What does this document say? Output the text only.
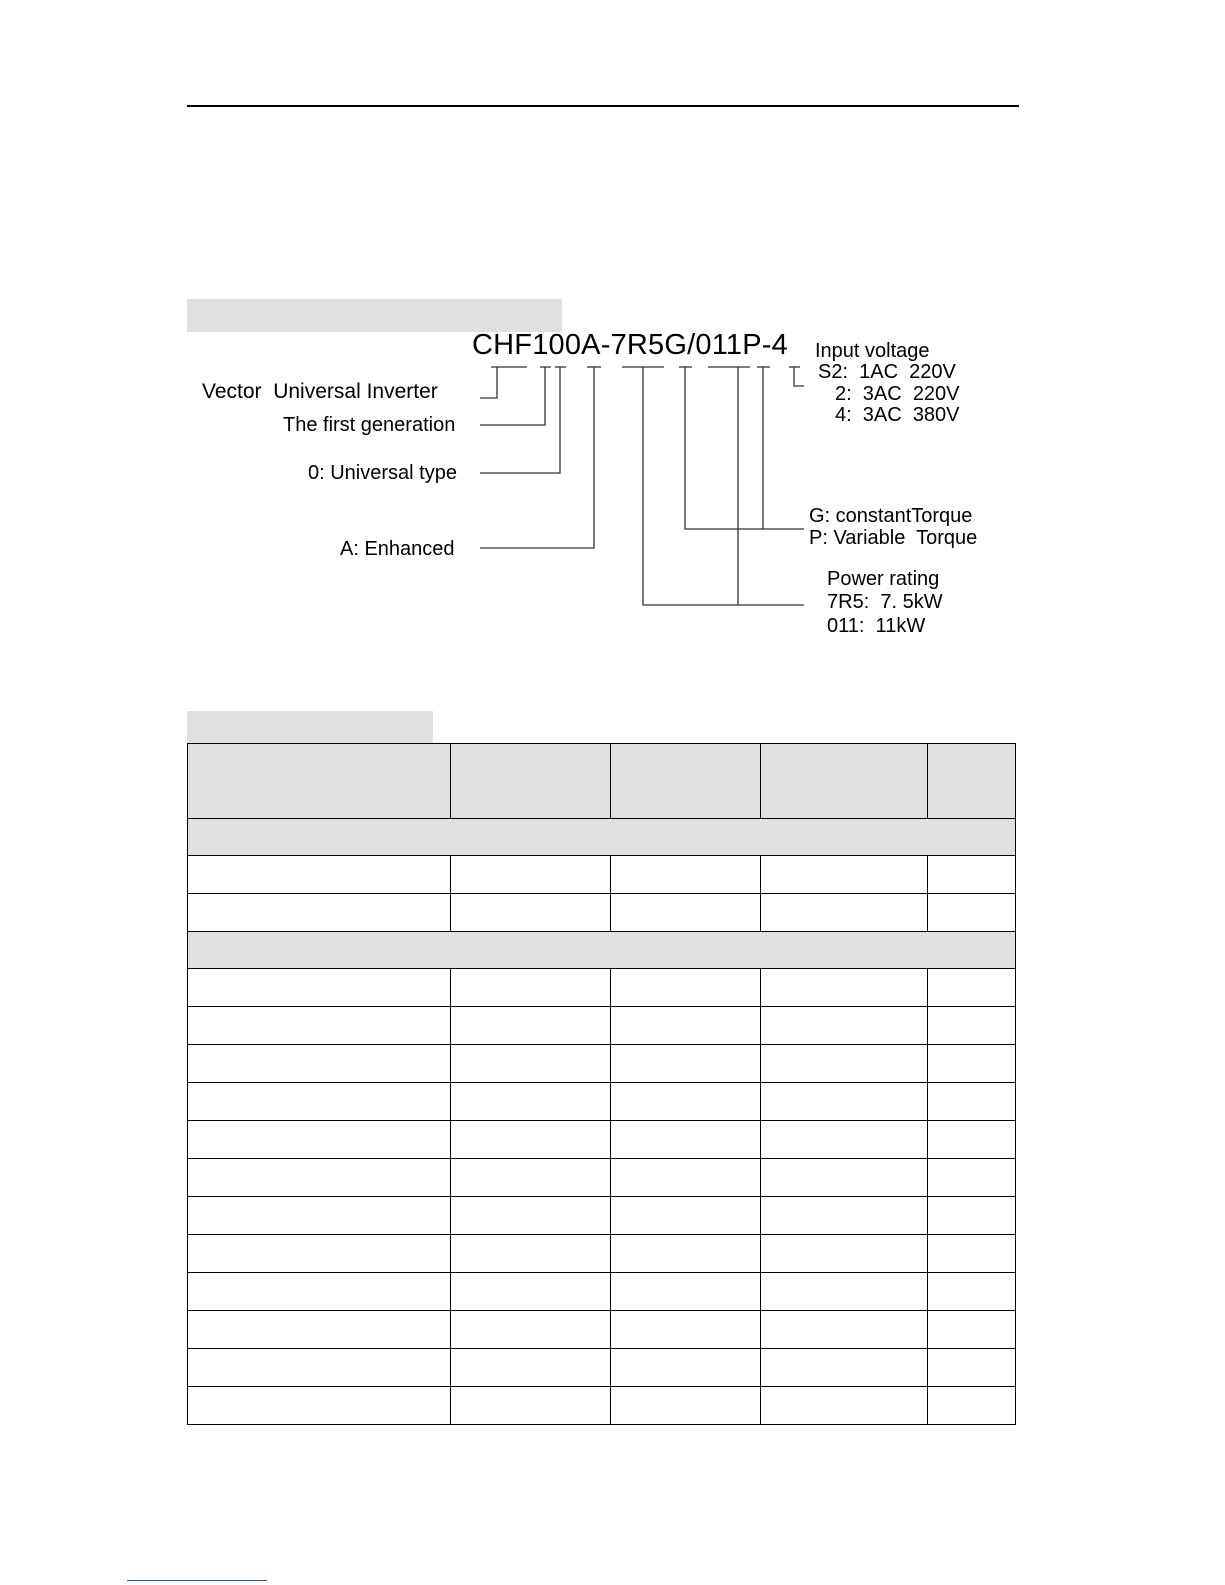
CHF100A-7R5G/011P-4
Vector  Universal Inverter
The first generation
0: Universal type
A: Enhanced
Input voltage
S2:  1AC  220V
2:  3AC  220V
4:  3AC  380V
G: constantTorque
P: Variable  Torque
Power rating
7R5:  7. 5kW
011:  11kW
